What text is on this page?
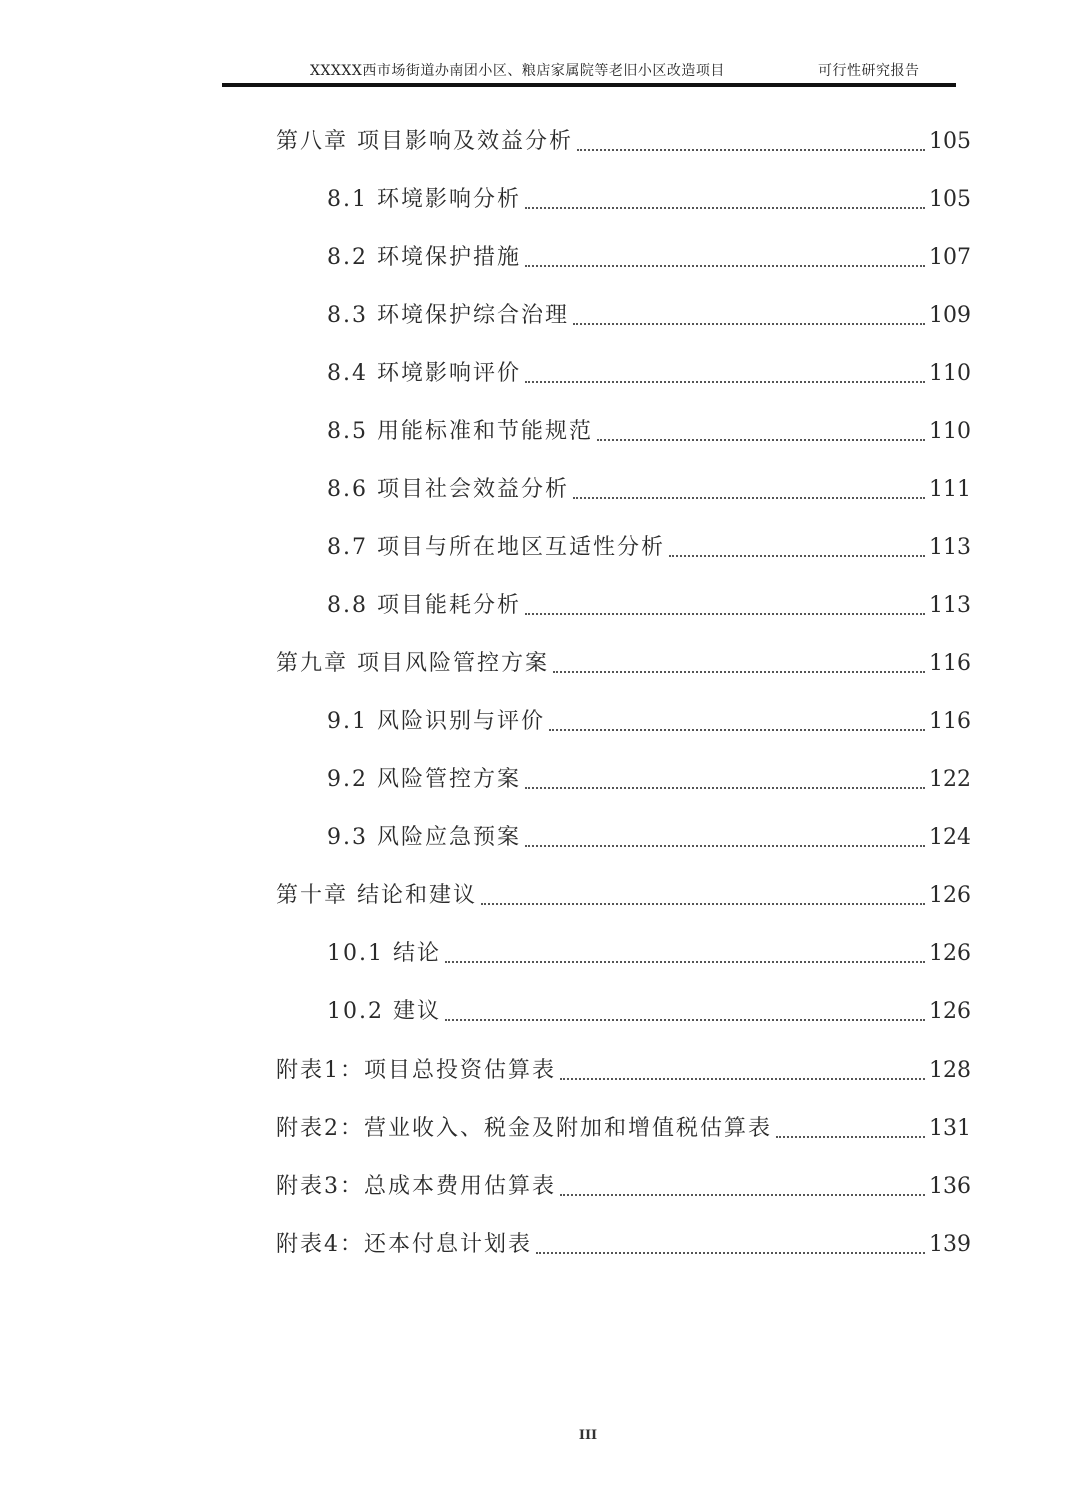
XXXXX西市场街道办南团小区、粮店家属院等老旧小区改造项目	可行性研究报告
第八章 项目影响及效益分析	105
8.1 环境影响分析	105
8.2 环境保护措施	107
8.3 环境保护综合治理	109
8.4 环境影响评价	110
8.5 用能标准和节能规范	110
8.6 项目社会效益分析	111
8.7 项目与所在地区互适性分析	113
8.8 项目能耗分析	113
第九章 项目风险管控方案	116
9.1 风险识别与评价	116
9.2 风险管控方案	122
9.3 风险应急预案	124
第十章 结论和建议	126
10.1 结论	126
10.2 建议	126
附表1：项目总投资估算表	128
附表2：营业收入、税金及附加和增值税估算表	131
附表3：总成本费用估算表	136
附表4：还本付息计划表	139
III
